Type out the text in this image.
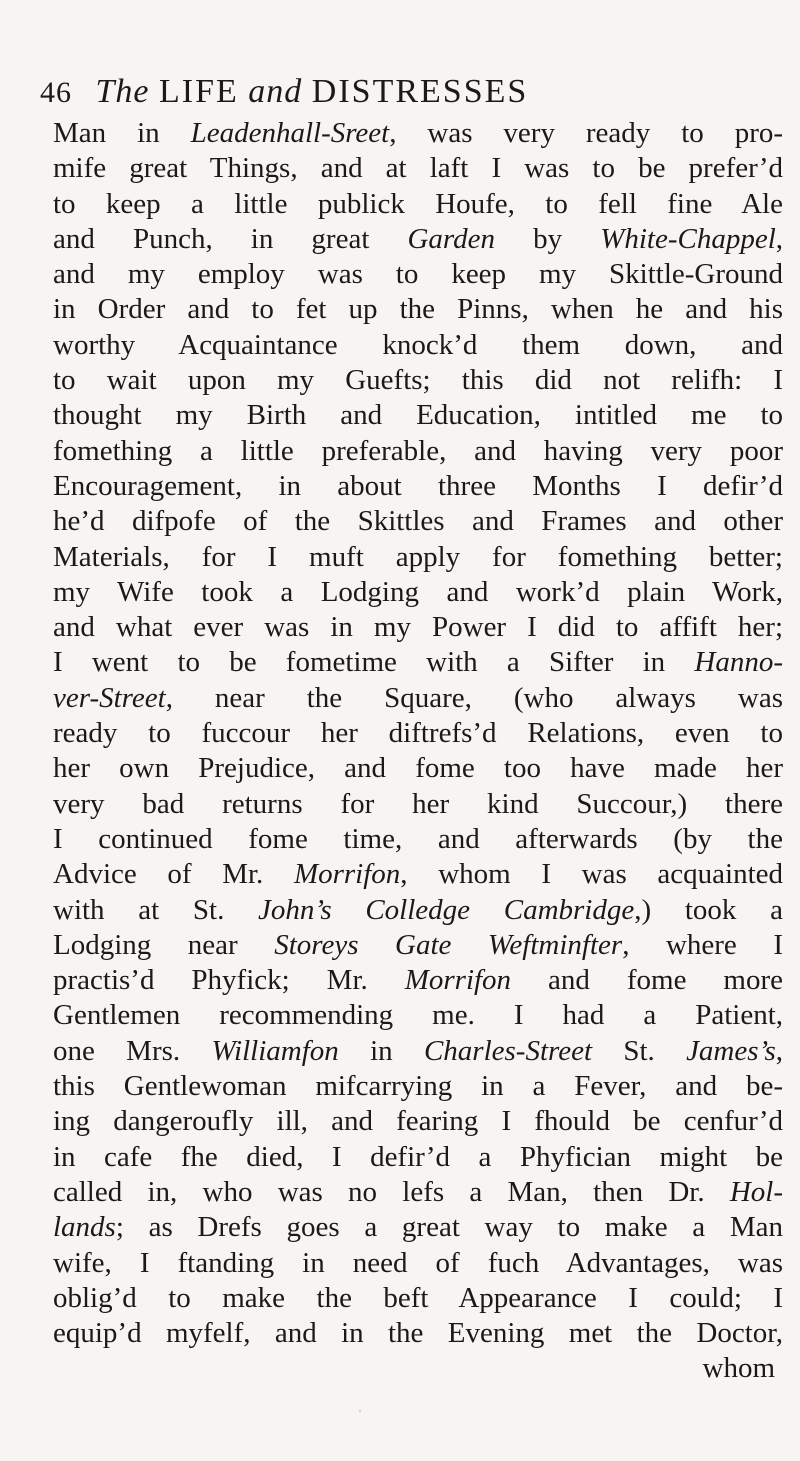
46 The LIFE and DISTRESSES
Man in Leadenhall-Sreet, was very ready to pro-
mife great Things, and at laft I was to be prefer’d
to keep a little publick Houfe, to fell fine Ale
and Punch, in great Garden by White-Chappel,
and my employ was to keep my Skittle-Ground
in Order and to fet up the Pinns, when he and his
worthy Acquaintance knock’d them down, and
to wait upon my Guefts; this did not relifh: I
thought my Birth and Education, intitled me to
fomething a little preferable, and having very poor
Encouragement, in about three Months I defir’d
he’d difpofe of the Skittles and Frames and other
Materials, for I muft apply for fomething better;
my Wife took a Lodging and work’d plain Work,
and what ever was in my Power I did to affift her;
I went to be fometime with a Sifter in Hanno-
ver-Street, near the Square, (who always was
ready to fuccour her diftrefs’d Relations, even to
her own Prejudice, and fome too have made her
very bad returns for her kind Succour,) there
I continued fome time, and afterwards (by the
Advice of Mr. Morrifon, whom I was acquainted
with at St. John’s Colledge Cambridge,) took a
Lodging near Storeys Gate Weftminfter, where I
practis’d Phyfick; Mr. Morrifon and fome more
Gentlemen recommending me. I had a Patient,
one Mrs. Williamfon in Charles-Street St. James’s,
this Gentlewoman mifcarrying in a Fever, and be-
ing dangeroufly ill, and fearing I fhould be cenfur’d
in cafe fhe died, I defir’d a Phyfician might be
called in, who was no lefs a Man, then Dr. Hol-
lands; as Drefs goes a great way to make a Man
wife, I ftanding in need of fuch Advantages, was
oblig’d to make the beft Appearance I could; I
equip’d myfelf, and in the Evening met the Doctor,
whom
ˈ
